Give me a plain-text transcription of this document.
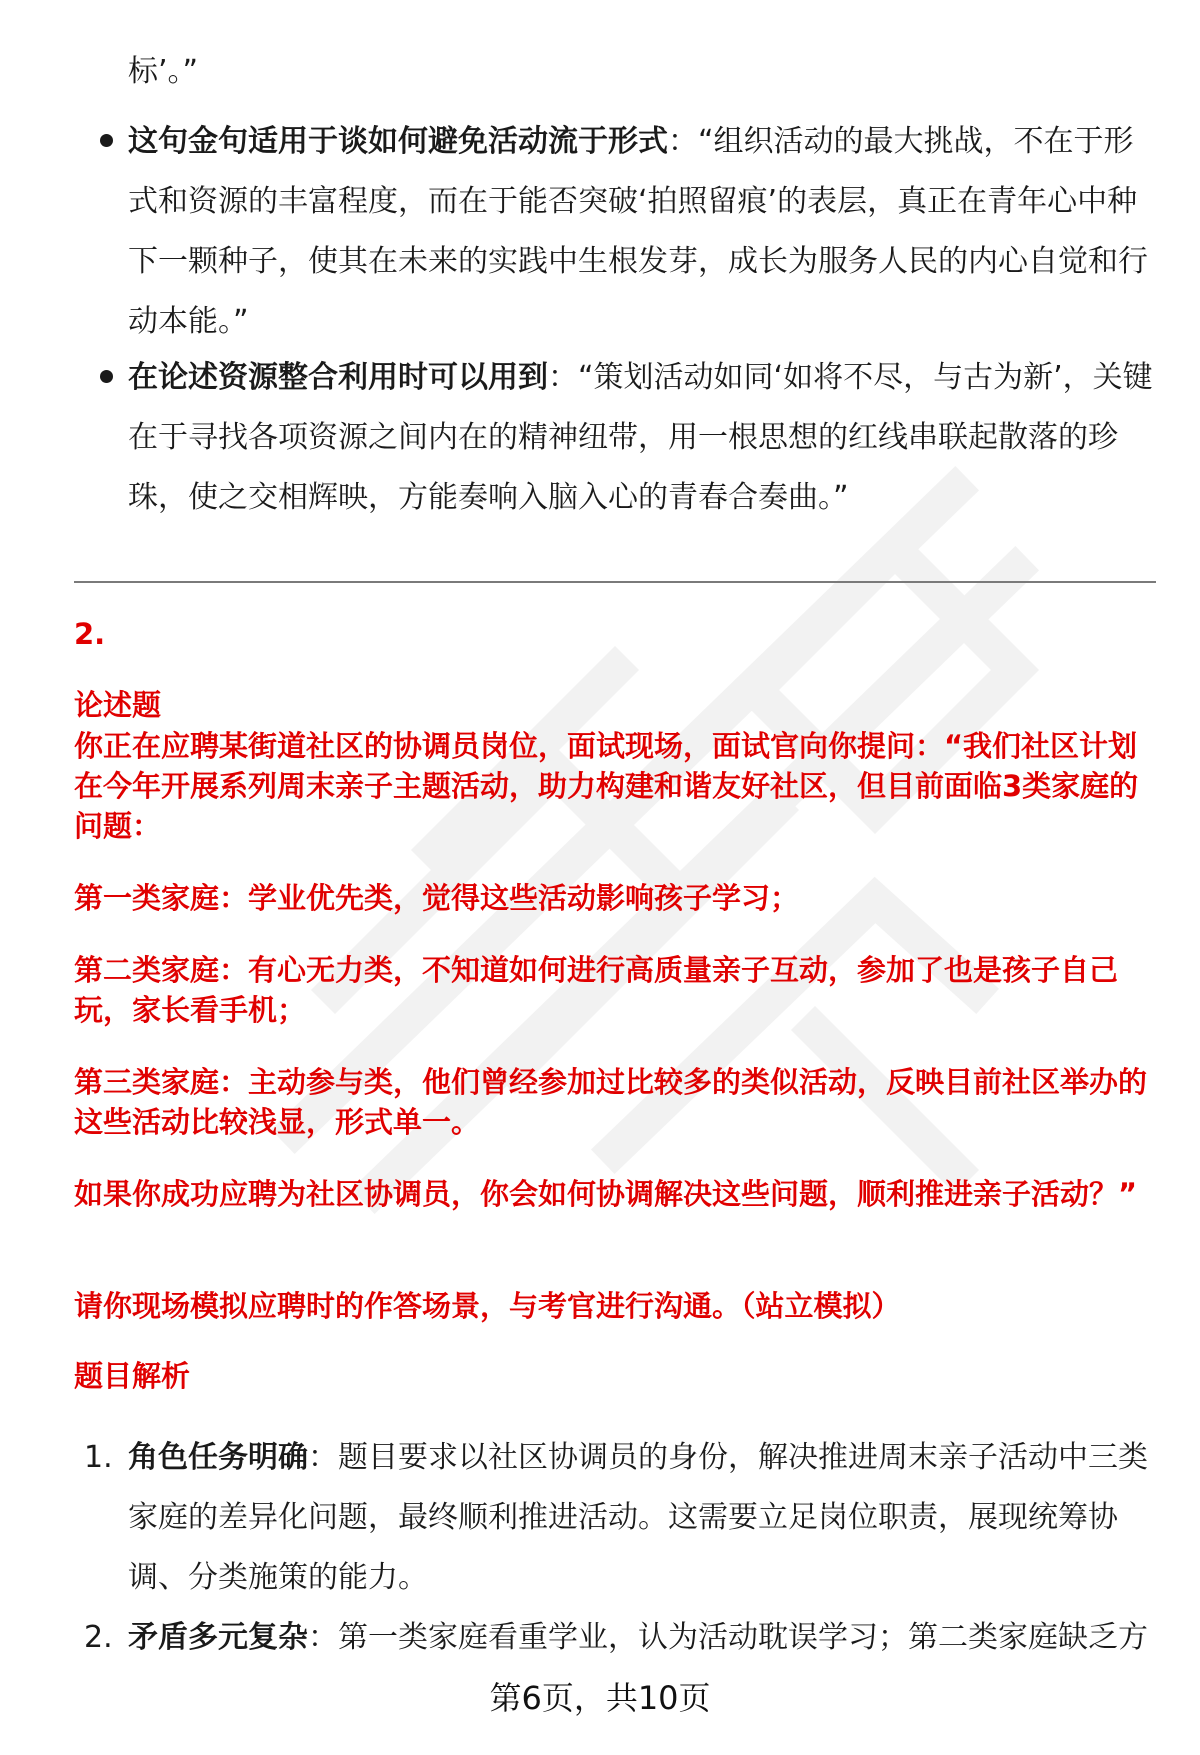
标’。”
这句金句适用于谈如何避免活动流于形式：“组织活动的最大挑战，不在于形式和资源的丰富程度，而在于能否突破‘拍照留痕’的表层，真正在青年心中种下一颗种子，使其在未来的实践中生根发芽，成长为服务人民的内心自觉和行动本能。”
在论述资源整合利用时可以用到：“策划活动如同‘如将不尽，与古为新’，关键在于寻找各项资源之间内在的精神纽带，用一根思想的红线串联起散落的珍珠，使之交相辉映，方能奏响入脑入心的青春合奏曲。”
2.
论述题
你正在应聘某街道社区的协调员岗位，面试现场，面试官向你提问：“我们社区计划在今年开展系列周末亲子主题活动，助力构建和谐友好社区，但目前面临3类家庭的问题：
第一类家庭：学业优先类，觉得这些活动影响孩子学习；
第二类家庭：有心无力类，不知道如何进行高质量亲子互动，参加了也是孩子自己玩，家长看手机；
第三类家庭：主动参与类，他们曾经参加过比较多的类似活动，反映目前社区举办的这些活动比较浅显，形式单一。
如果你成功应聘为社区协调员，你会如何协调解决这些问题，顺利推进亲子活动？”
请你现场模拟应聘时的作答场景，与考官进行沟通。（站立模拟）
题目解析
1. 角色任务明确：题目要求以社区协调员的身份，解决推进周末亲子活动中三类家庭的差异化问题，最终顺利推进活动。这需要立足岗位职责，展现统筹协调、分类施策的能力。
2. 矛盾多元复杂：第一类家庭看重学业，认为活动耽误学习；第二类家庭缺乏方
第6页，共10页
